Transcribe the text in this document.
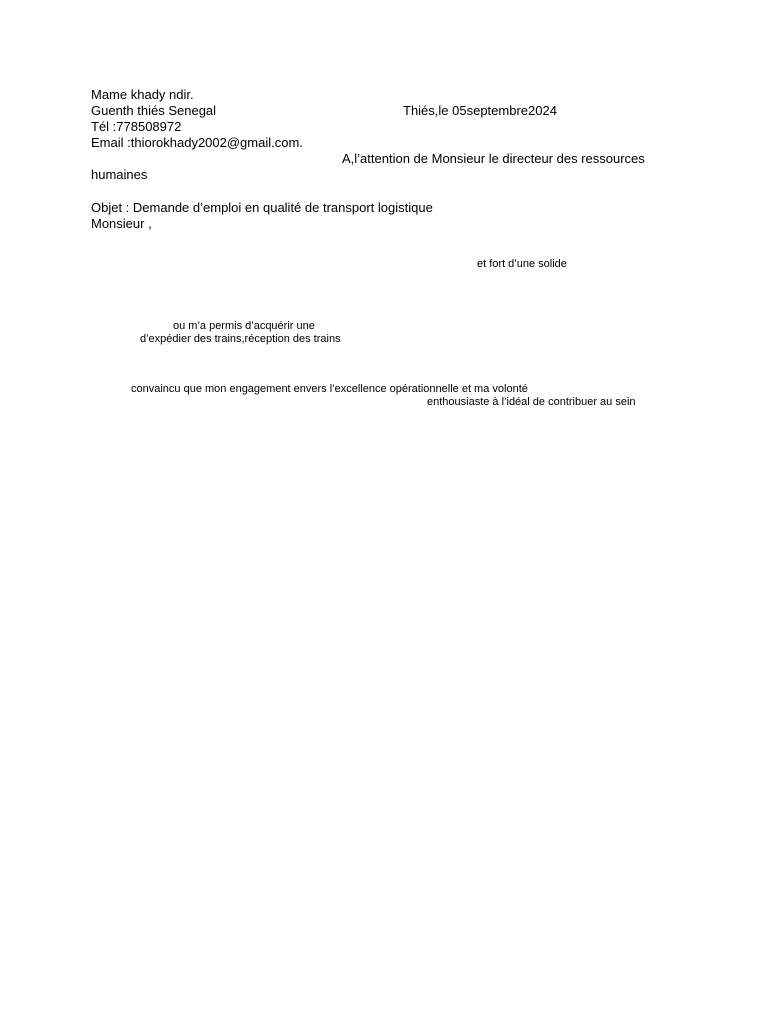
Mame khady ndir.
Guenth thiés Senegal	Thiés,le 05septembre2024
Tél :778508972
Email :thiorokhady2002@gmail.com.
A,l’attention de Monsieur le directeur des ressources
humaines
Objet : Demande d’emploi en qualité de transport logistique
Monsieur ,
et fort d’une solide
ou m’a permis d’acquérir une
d’expédier des trains,réception des trains
convaincu que mon engagement envers l’excellence opérationnelle et ma volonté
enthousiaste à l’idéal de contribuer au sein
